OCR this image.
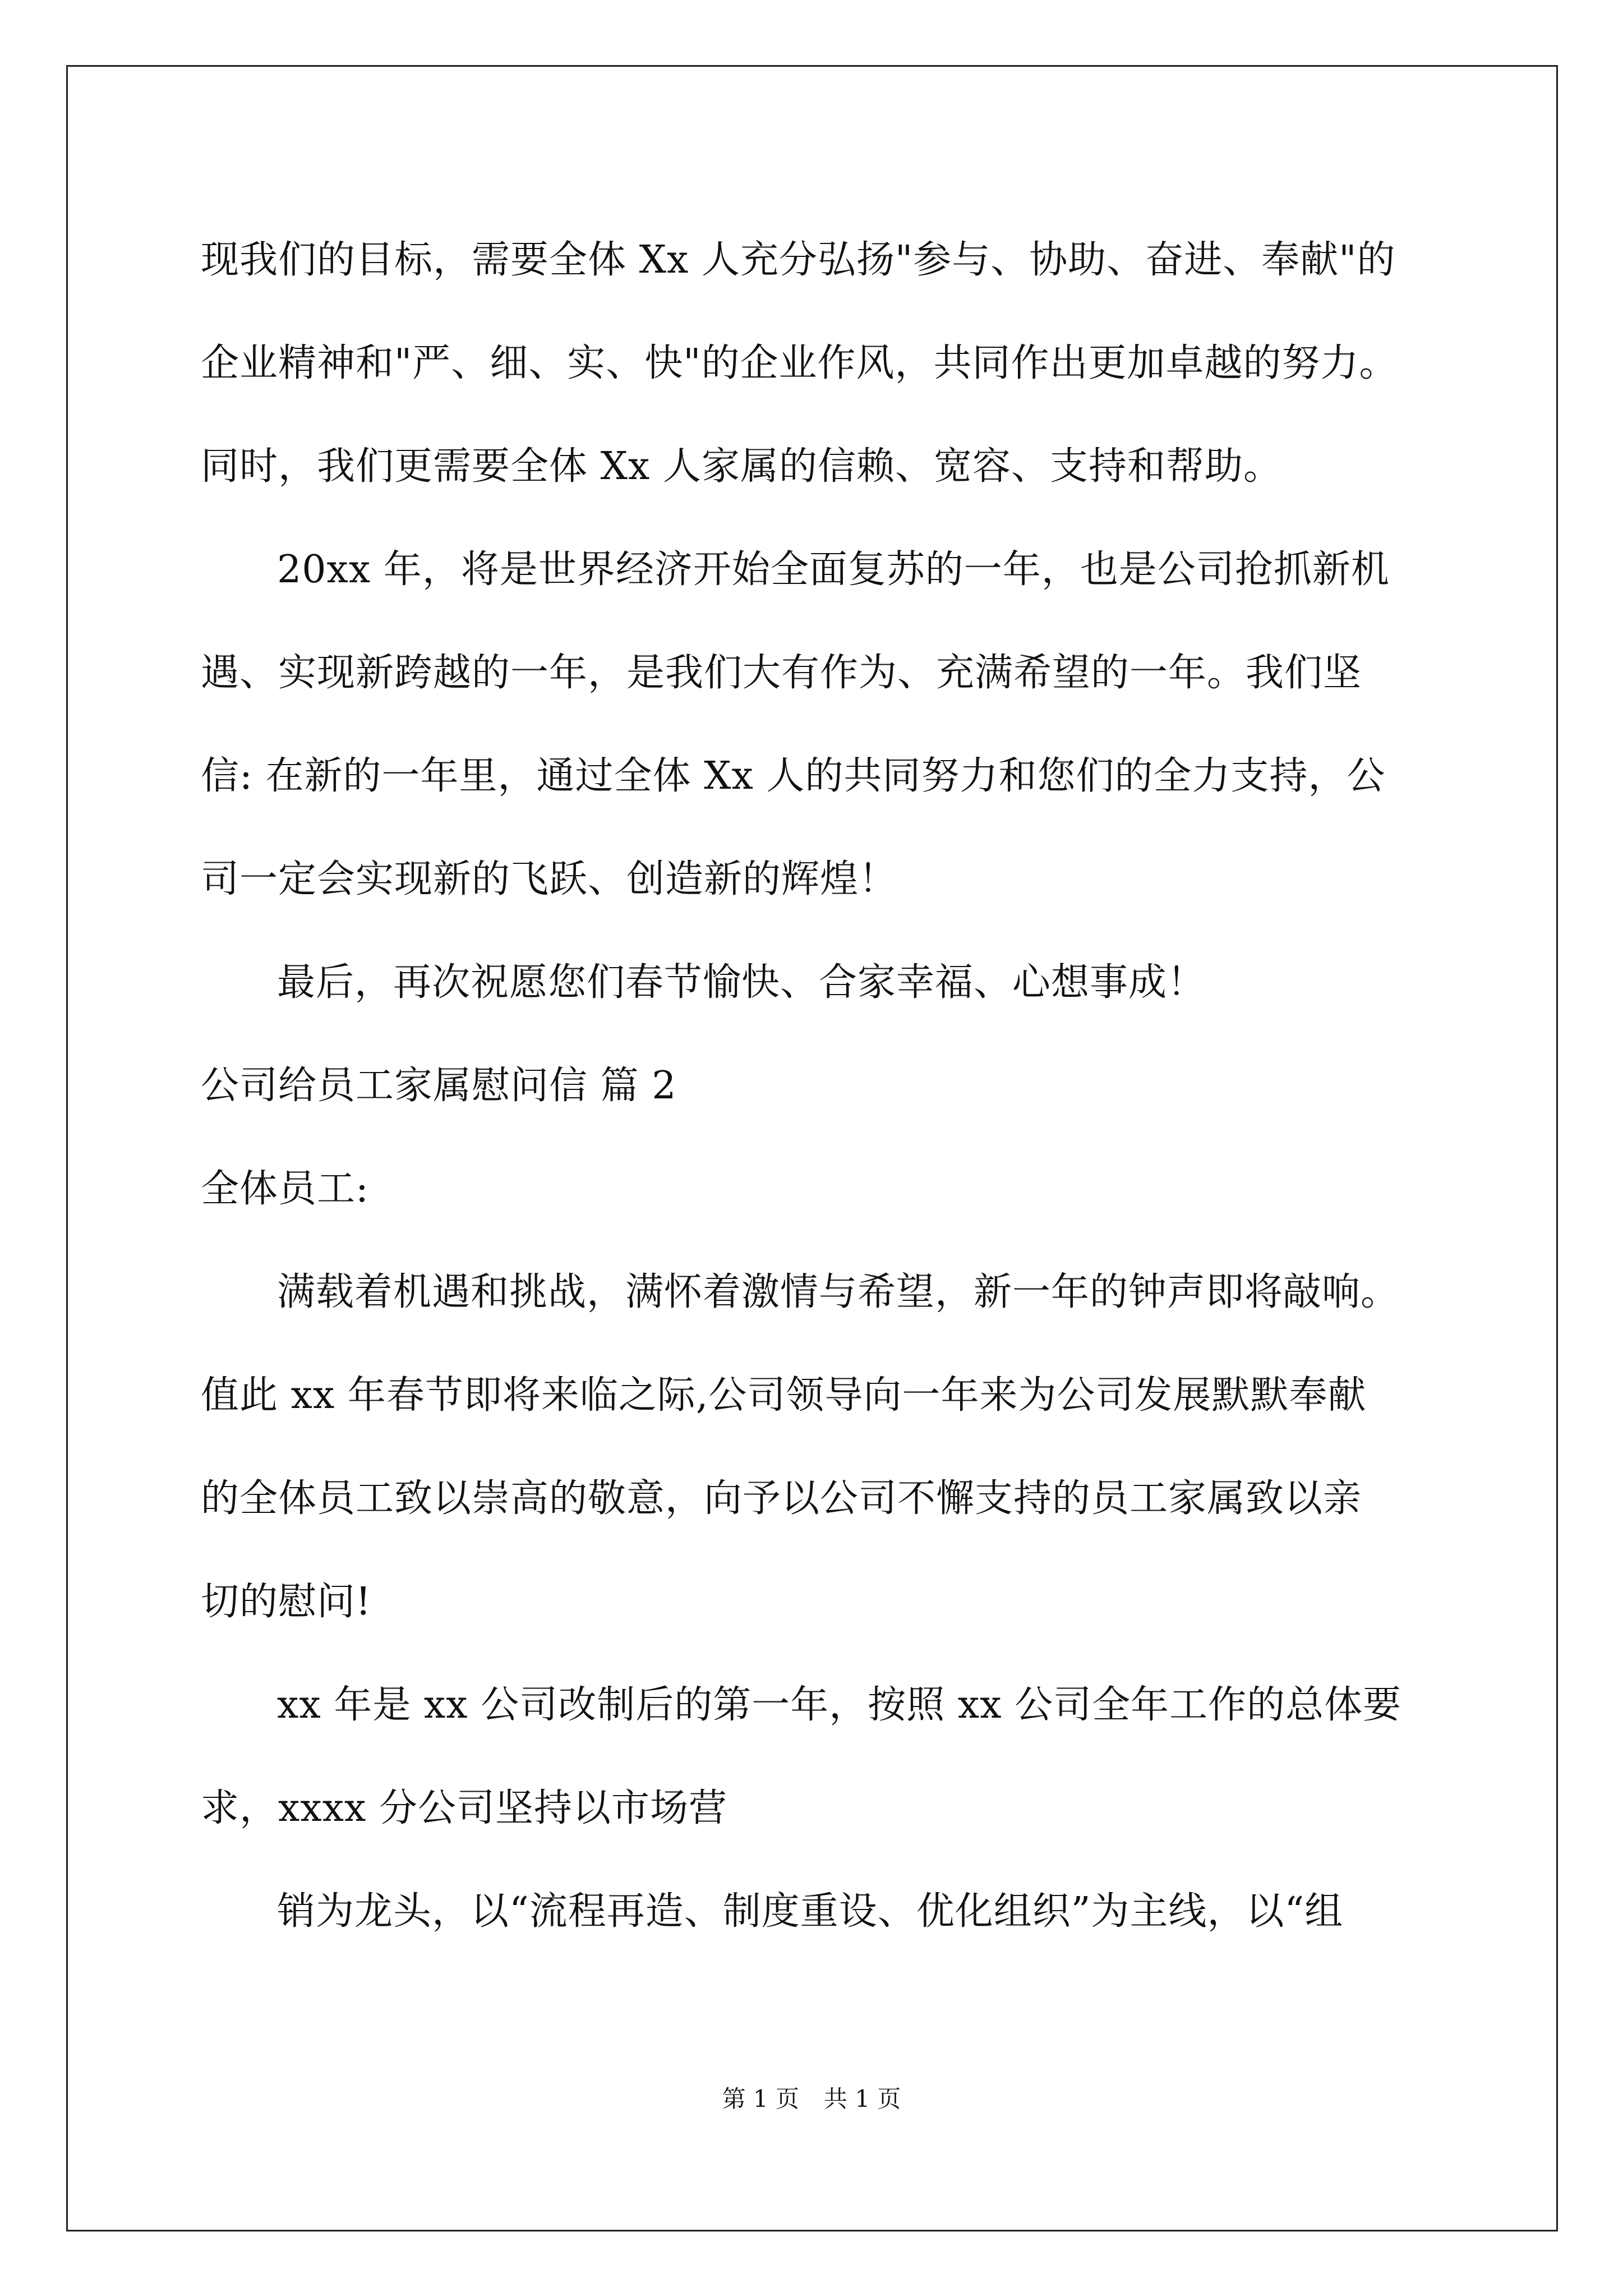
现我们的目标，需要全体 Xx 人充分弘扬"参与、协助、奋进、奉献"的
企业精神和"严、细、实、快"的企业作风，共同作出更加卓越的努力。
同时，我们更需要全体 Xx 人家属的信赖、宽容、支持和帮助。
20xx 年，将是世界经济开始全面复苏的一年，也是公司抢抓新机
遇、实现新跨越的一年，是我们大有作为、充满希望的一年。我们坚
信: 在新的一年里，通过全体 Xx 人的共同努力和您们的全力支持，公
司一定会实现新的飞跃、创造新的辉煌！
最后，再次祝愿您们春节愉快、合家幸福、心想事成！
公司给员工家属慰问信 篇 2
全体员工:
满载着机遇和挑战，满怀着激情与希望，新一年的钟声即将敲响。
值此 xx 年春节即将来临之际,公司领导向一年来为公司发展默默奉献
的全体员工致以崇高的敬意，向予以公司不懈支持的员工家属致以亲
切的慰问!
xx 年是 xx 公司改制后的第一年，按照 xx 公司全年工作的总体要
求，xxxx 分公司坚持以市场营
销为龙头，以“流程再造、制度重设、优化组织”为主线，以“组
第 1 页 共 1 页
